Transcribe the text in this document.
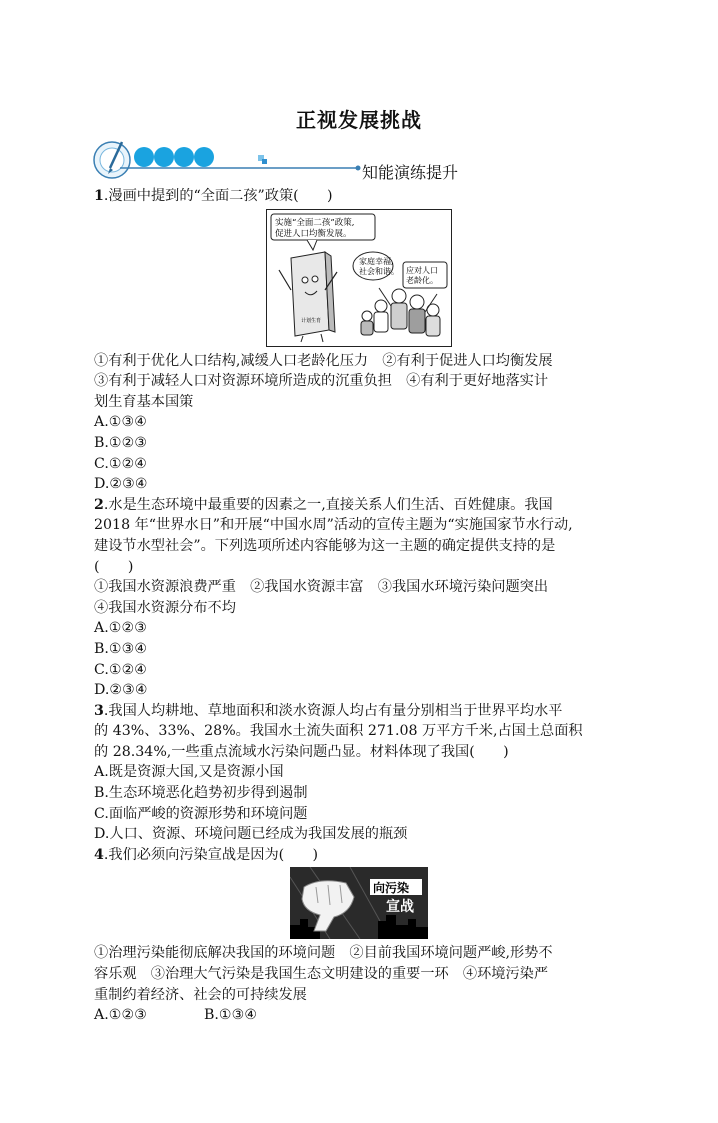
正视发展挑战
知能演练提升
1.漫画中提到的“全面二孩”政策(　　)
实施“全面二孩”政策,
促进人口均衡发展。
家庭幸福,
社会和谐。 应对人口
老龄化。
计划生育
①有利于优化人口结构,减缓人口老龄化压力　②有利于促进人口均衡发展
③有利于减轻人口对资源环境所造成的沉重负担　④有利于更好地落实计
划生育基本国策
A.①③④
B.①②③
C.①②④
D.②③④
2.水是生态环境中最重要的因素之一,直接关系人们生活、百姓健康。我国
2018 年“世界水日”和开展“中国水周”活动的宣传主题为“实施国家节水行动,
建设节水型社会”。下列选项所述内容能够为这一主题的确定提供支持的是
(　　)
①我国水资源浪费严重　②我国水资源丰富　③我国水环境污染问题突出
④我国水资源分布不均
A.①②③
B.①③④
C.①②④
D.②③④
3.我国人均耕地、草地面积和淡水资源人均占有量分别相当于世界平均水平
的 43%、33%、28%。我国水土流失面积 271.08 万平方千米,占国土总面积
的 28.34%,一些重点流域水污染问题凸显。材料体现了我国(　　)
A.既是资源大国,又是资源小国
B.生态环境恶化趋势初步得到遏制
C.面临严峻的资源形势和环境问题
D.人口、资源、环境问题已经成为我国发展的瓶颈
4.我们必须向污染宣战是因为(　　)
向污染
宣战
①治理污染能彻底解决我国的环境问题　②目前我国环境问题严峻,形势不
容乐观　③治理大气污染是我国生态文明建设的重要一环　④环境污染严
重制约着经济、社会的可持续发展
A.①②③	B.①③④
